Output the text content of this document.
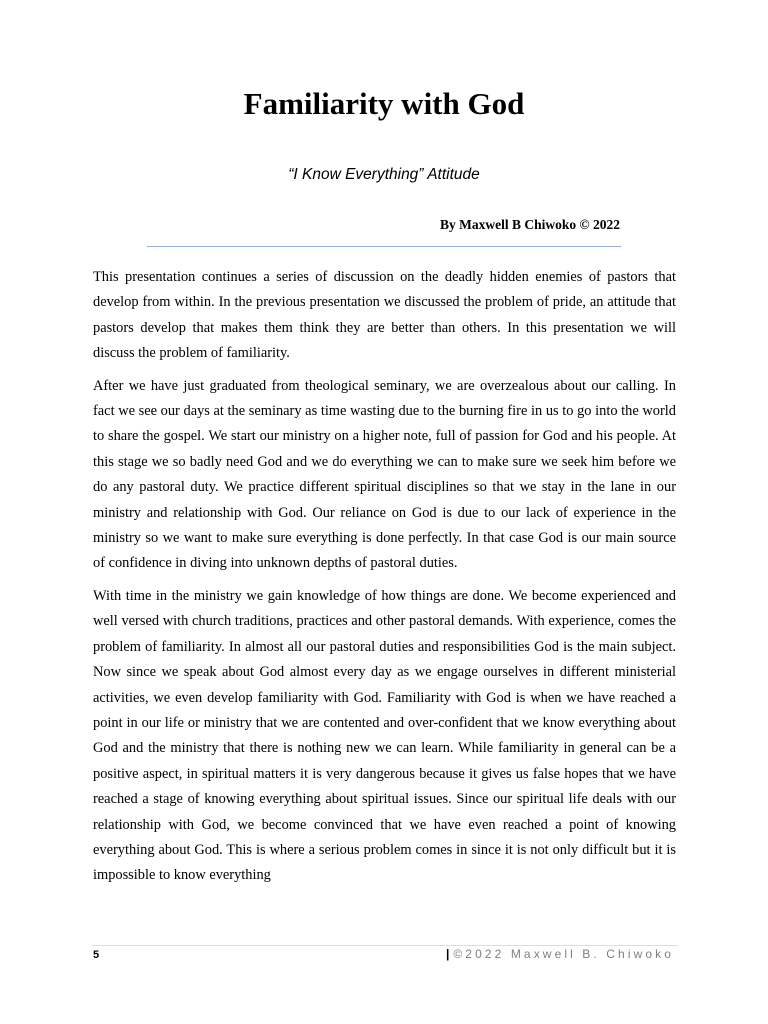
Familiarity with God

“I Know Everything” Attitude

By Maxwell B Chiwoko © 2022

This presentation continues a series of discussion on the deadly hidden enemies of pastors that develop from within. In the previous presentation we discussed the problem of pride, an attitude that pastors develop that makes them think they are better than others. In this presentation we will discuss the problem of familiarity.

After we have just graduated from theological seminary, we are overzealous about our calling. In fact we see our days at the seminary as time wasting due to the burning fire in us to go into the world to share the gospel. We start our ministry on a higher note, full of passion for God and his people. At this stage we so badly need God and we do everything we can to make sure we seek him before we do any pastoral duty. We practice different spiritual disciplines so that we stay in the lane in our ministry and relationship with God. Our reliance on God is due to our lack of experience in the ministry so we want to make sure everything is done perfectly. In that case God is our main source of confidence in diving into unknown depths of pastoral duties.

With time in the ministry we gain knowledge of how things are done. We become experienced and well versed with church traditions, practices and other pastoral demands. With experience, comes the problem of familiarity. In almost all our pastoral duties and responsibilities God is the main subject. Now since we speak about God almost every day as we engage ourselves in different ministerial activities, we even develop familiarity with God. Familiarity with God is when we have reached a point in our life or ministry that we are contented and over-confident that we know everything about God and the ministry that there is nothing new we can learn. While familiarity in general can be a positive aspect, in spiritual matters it is very dangerous because it gives us false hopes that we have reached a stage of knowing everything about spiritual issues. Since our spiritual life deals with our relationship with God, we become convinced that we have even reached a point of knowing everything about God. This is where a serious problem comes in since it is not only difficult but it is impossible to know everything

5	| ©2022 Maxwell B. Chiwoko
